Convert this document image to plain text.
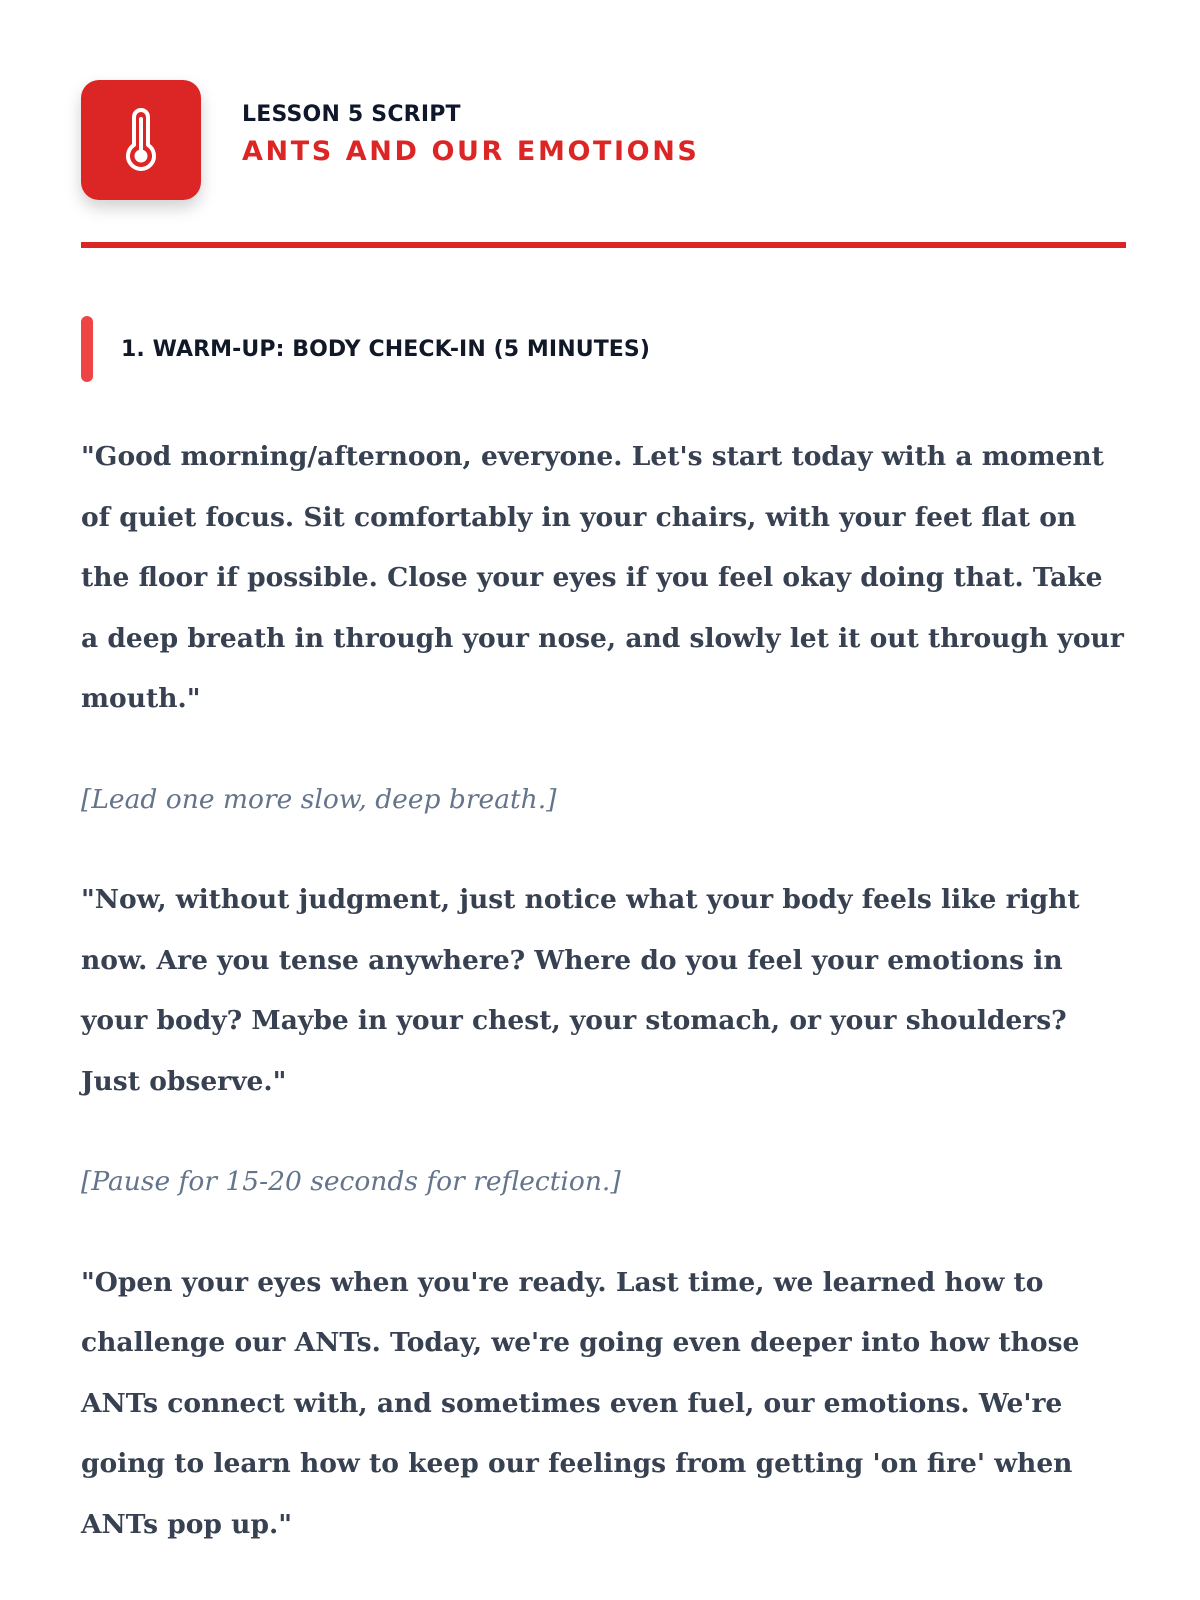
LESSON 5 SCRIPT
ANTS AND OUR EMOTIONS
1. WARM-UP: BODY CHECK-IN (5 MINUTES)

"Good morning/afternoon, everyone. Let's start today with a moment of quiet focus. Sit comfortably in your chairs, with your feet flat on the floor if possible. Close your eyes if you feel okay doing that. Take a deep breath in through your nose, and slowly let it out through your mouth."

[Lead one more slow, deep breath.]

"Now, without judgment, just notice what your body feels like right now. Are you tense anywhere? Where do you feel your emotions in your body? Maybe in your chest, your stomach, or your shoulders? Just observe."

[Pause for 15-20 seconds for reflection.]

"Open your eyes when you're ready. Last time, we learned how to challenge our ANTs. Today, we're going even deeper into how those ANTs connect with, and sometimes even fuel, our emotions. We're going to learn how to keep our feelings from getting 'on fire' when ANTs pop up."
